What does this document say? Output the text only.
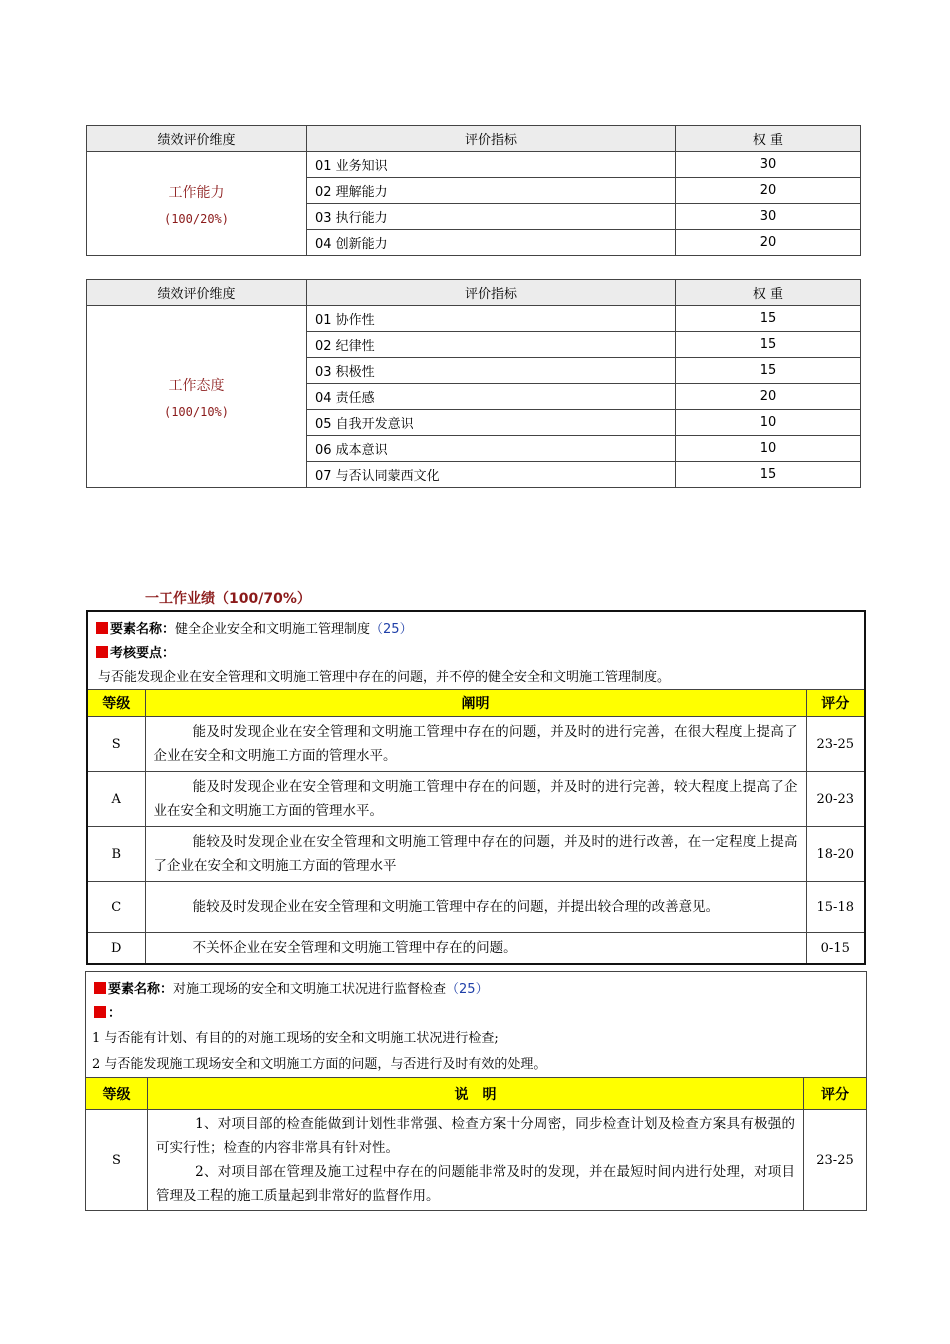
绩效评价维度	评价指标	权 重

工作能力
(100/20%)	01 业务知识	30
	02 理解能力	20
	03 执行能力	30
	04 创新能力	20
绩效评价维度	评价指标	权 重

工作态度
(100/10%)	01 协作性	15
	02 纪律性	15
	03 积极性	15
	04 责任感	20
	05 自我开发意识	10
	06 成本意识	10
	07 与否认同蒙西文化	15
一工作业绩（100/70%）
要素名称：健全企业安全和文明施工管理制度（25）		
考核要点：		
与否能发现企业在安全管理和文明施工管理中存在的问题，并不停的健全安全和文明施工管理制度。		
等级	阐明	评分
S	能及时发现企业在安全管理和文明施工管理中存在的问题，并及时的进行完善，在很大程度上提高了企业在安全和文明施工方面的管理水平。	23-25
A	能及时发现企业在安全管理和文明施工管理中存在的问题，并及时的进行完善，较大程度上提高了企业在安全和文明施工方面的管理水平。	20-23
B	能较及时发现企业在安全管理和文明施工管理中存在的问题，并及时的进行改善，在一定程度上提高了企业在安全和文明施工方面的管理水平	18-20
C	能较及时发现企业在安全管理和文明施工管理中存在的问题，并提出较合理的改善意见。	15-18
D	不关怀企业在安全管理和文明施工管理中存在的问题。	0-15
要素名称：对施工现场的安全和文明施工状况进行监督检查（25）		
：		
1 与否能有计划、有目的的对施工现场的安全和文明施工状况进行检查;		
2 与否能发现施工现场安全和文明施工方面的问题，与否进行及时有效的处理。		
等级	说　明	评分
S	1、对项目部的检查能做到计划性非常强、检查方案十分周密，同步检查计划及检查方案具有极强的可实行性；检查的内容非常具有针对性。
2、对项目部在管理及施工过程中存在的问题能非常及时的发现，并在最短时间内进行处理，对项目管理及工程的施工质量起到非常好的监督作用。	23-25
